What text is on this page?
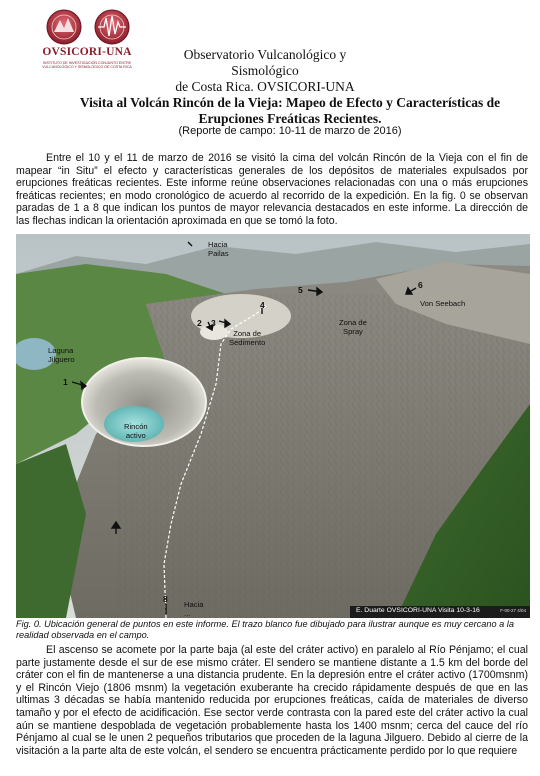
OVSICORI-UNA
INSTITUTO DE INVESTIGACIÓN CONJUNTO ENTRE
VULCANOLÓGICO Y SISMOLÓGICO DE COSTA RICA
Observatorio Vulcanológico y Sismológico
de Costa Rica. OVSICORI-UNA
Visita al Volcán Rincón de la Vieja: Mapeo de Efecto y Características de
Erupciones Freáticas Recientes.
(Reporte de campo: 10-11 de marzo de 2016)

Entre el 10 y el 11 de marzo de 2016 se visitó la cima del volcán Rincón de la Vieja con el fin de mapear “in Situ” el efecto y características generales de los depósitos de materiales expulsados por erupciones freáticas recientes. Este informe reúne observaciones relacionadas con una o más erupciones freáticas recientes; en modo cronológico de acuerdo al recorrido de la expedición. En la fig. 0 se observan paradas de 1 a 8 que indican los puntos de mayor relevancia destacados en este informe. La dirección de las flechas indican la orientación aproximada en que se tomó la foto.

Hacia
Pailas
Zona de
Sedimento
Zona de
Spray
Von Seebach
Laguna
Jilguero
Rincón
activo
Hacia
...
1
2 3
4
5	6
8
E. Duarte OVSICORI-UNA Visita 10-3-16	F-00-27 4/04

Fig. 0. Ubicación general de puntos en este informe. El trazo blanco fue dibujado para ilustrar aunque es muy cercano a la realidad observada en el campo.

El ascenso se acomete por la parte baja (al este del cráter activo) en paralelo al Río Pénjamo; el cual parte justamente desde el sur de ese mismo cráter. El sendero se mantiene distante a 1.5 km del borde del cráter con el fin de mantenerse a una distancia prudente. En la depresión entre el cráter activo (1700msnm) y el Rincón Viejo (1806 msnm) la vegetación exuberante ha crecido rápidamente después de que en las ultimas 3 décadas se había mantenido reducida por erupciones freáticas, caída de materiales de diverso tamaño y por el efecto de acidificación. Ese sector verde contrasta con la pared este del cráter activo la cual aún se mantiene despoblada de vegetación probablemente hasta los 1400 msnm; cerca del cauce del río Pénjamo al cual se le unen 2 pequeños tributarios que proceden de la laguna Jilguero. Debido al cierre de la visitación a la parte alta de este volcán, el sendero se encuentra prácticamente perdido por lo que requiere
